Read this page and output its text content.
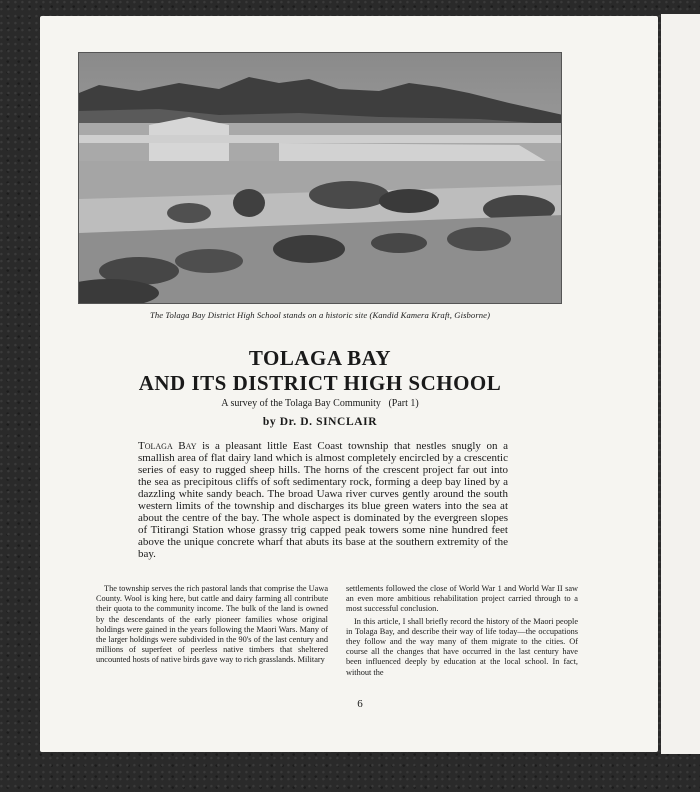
The Tolaga Bay District High School stands on a historic site (Kandid Kamera Kraft, Gisborne)
TOLAGA BAY
AND ITS DISTRICT HIGH SCHOOL
A survey of the Tolaga Bay Community (Part 1)
by Dr. D. SINCLAIR
Tolaga Bay is a pleasant little East Coast township that nestles snugly on a smallish area of flat dairy land which is almost completely encircled by a crescentic series of easy to rugged sheep hills. The horns of the crescent project far out into the sea as precipitous cliffs of soft sedimentary rock, forming a deep bay lined by a dazzling white sandy beach. The broad Uawa river curves gently around the south western limits of the township and discharges its blue green waters into the sea at about the centre of the bay. The whole aspect is dominated by the evergreen slopes of Titirangi Station whose grassy trig capped peak towers some nine hundred feet above the unique concrete wharf that abuts its base at the southern extremity of the bay.

The township serves the rich pastoral lands that comprise the Uawa County. Wool is king here, but cattle and dairy farming all contribute their quota to the community income. The bulk of the land is owned by the descendants of the early pioneer families whose original holdings were gained in the years following the Maori Wars. Many of the larger holdings were subdivided in the 90's of the last century and millions of superfeet of peerless native timbers that sheltered uncounted hosts of native birds gave way to rich grasslands. Military

settlements followed the close of World War 1 and World War II saw an even more ambitious rehabilitation project carried through to a most successful conclusion.

In this article, I shall briefly record the history of the Maori people in Tolaga Bay, and describe their way of life today—the occupations they follow and the way many of them migrate to the cities. Of course all the changes that have occurred in the last century have been influenced deeply by education at the local school. In fact, without the

6
